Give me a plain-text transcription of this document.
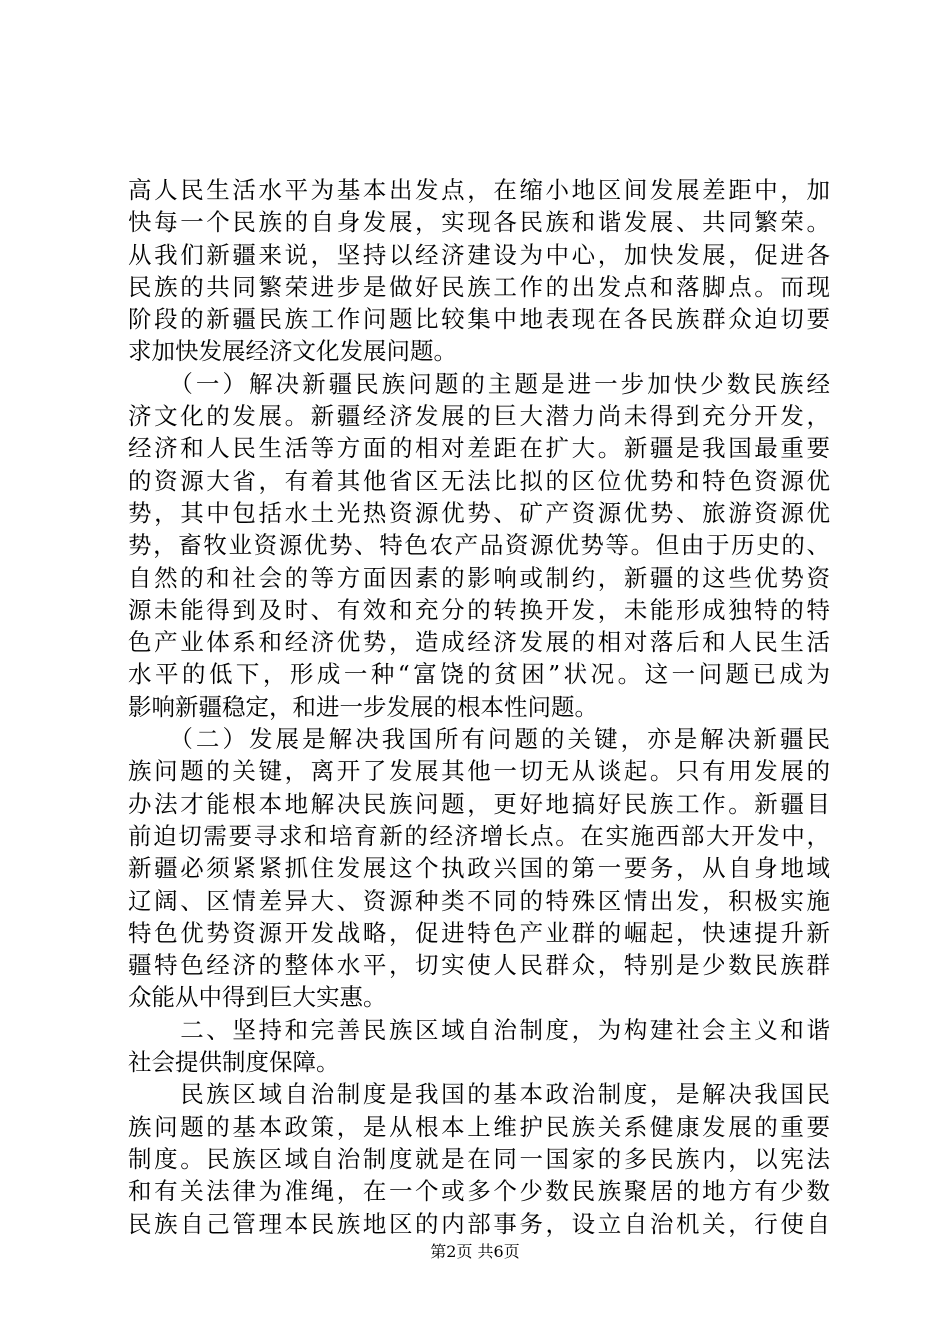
高人民生活水平为基本出发点，在缩小地区间发展差距中，加
快每一个民族的自身发展，实现各民族和谐发展、共同繁荣。
从我们新疆来说，坚持以经济建设为中心，加快发展，促进各
民族的共同繁荣进步是做好民族工作的出发点和落脚点。而现
阶段的新疆民族工作问题比较集中地表现在各民族群众迫切要
求加快发展经济文化发展问题。
　　（一）解决新疆民族问题的主题是进一步加快少数民族经
济文化的发展。新疆经济发展的巨大潜力尚未得到充分开发，
经济和人民生活等方面的相对差距在扩大。新疆是我国最重要
的资源大省，有着其他省区无法比拟的区位优势和特色资源优
势，其中包括水土光热资源优势、矿产资源优势、旅游资源优
势，畜牧业资源优势、特色农产品资源优势等。但由于历史的、
自然的和社会的等方面因素的影响或制约，新疆的这些优势资
源未能得到及时、有效和充分的转换开发，未能形成独特的特
色产业体系和经济优势，造成经济发展的相对落后和人民生活
水平的低下，形成一种“富饶的贫困”状况。这一问题已成为
影响新疆稳定，和进一步发展的根本性问题。
　　（二）发展是解决我国所有问题的关键，亦是解决新疆民
族问题的关键，离开了发展其他一切无从谈起。只有用发展的
办法才能根本地解决民族问题，更好地搞好民族工作。新疆目
前迫切需要寻求和培育新的经济增长点。在实施西部大开发中，
新疆必须紧紧抓住发展这个执政兴国的第一要务，从自身地域
辽阔、区情差异大、资源种类不同的特殊区情出发，积极实施
特色优势资源开发战略，促进特色产业群的崛起，快速提升新
疆特色经济的整体水平，切实使人民群众，特别是少数民族群
众能从中得到巨大实惠。
　　二、坚持和完善民族区域自治制度，为构建社会主义和谐
社会提供制度保障。
　　民族区域自治制度是我国的基本政治制度，是解决我国民
族问题的基本政策，是从根本上维护民族关系健康发展的重要
制度。民族区域自治制度就是在同一国家的多民族内，以宪法
和有关法律为准绳，在一个或多个少数民族聚居的地方有少数
民族自己管理本民族地区的内部事务，设立自治机关，行使自
第2页 共6页
